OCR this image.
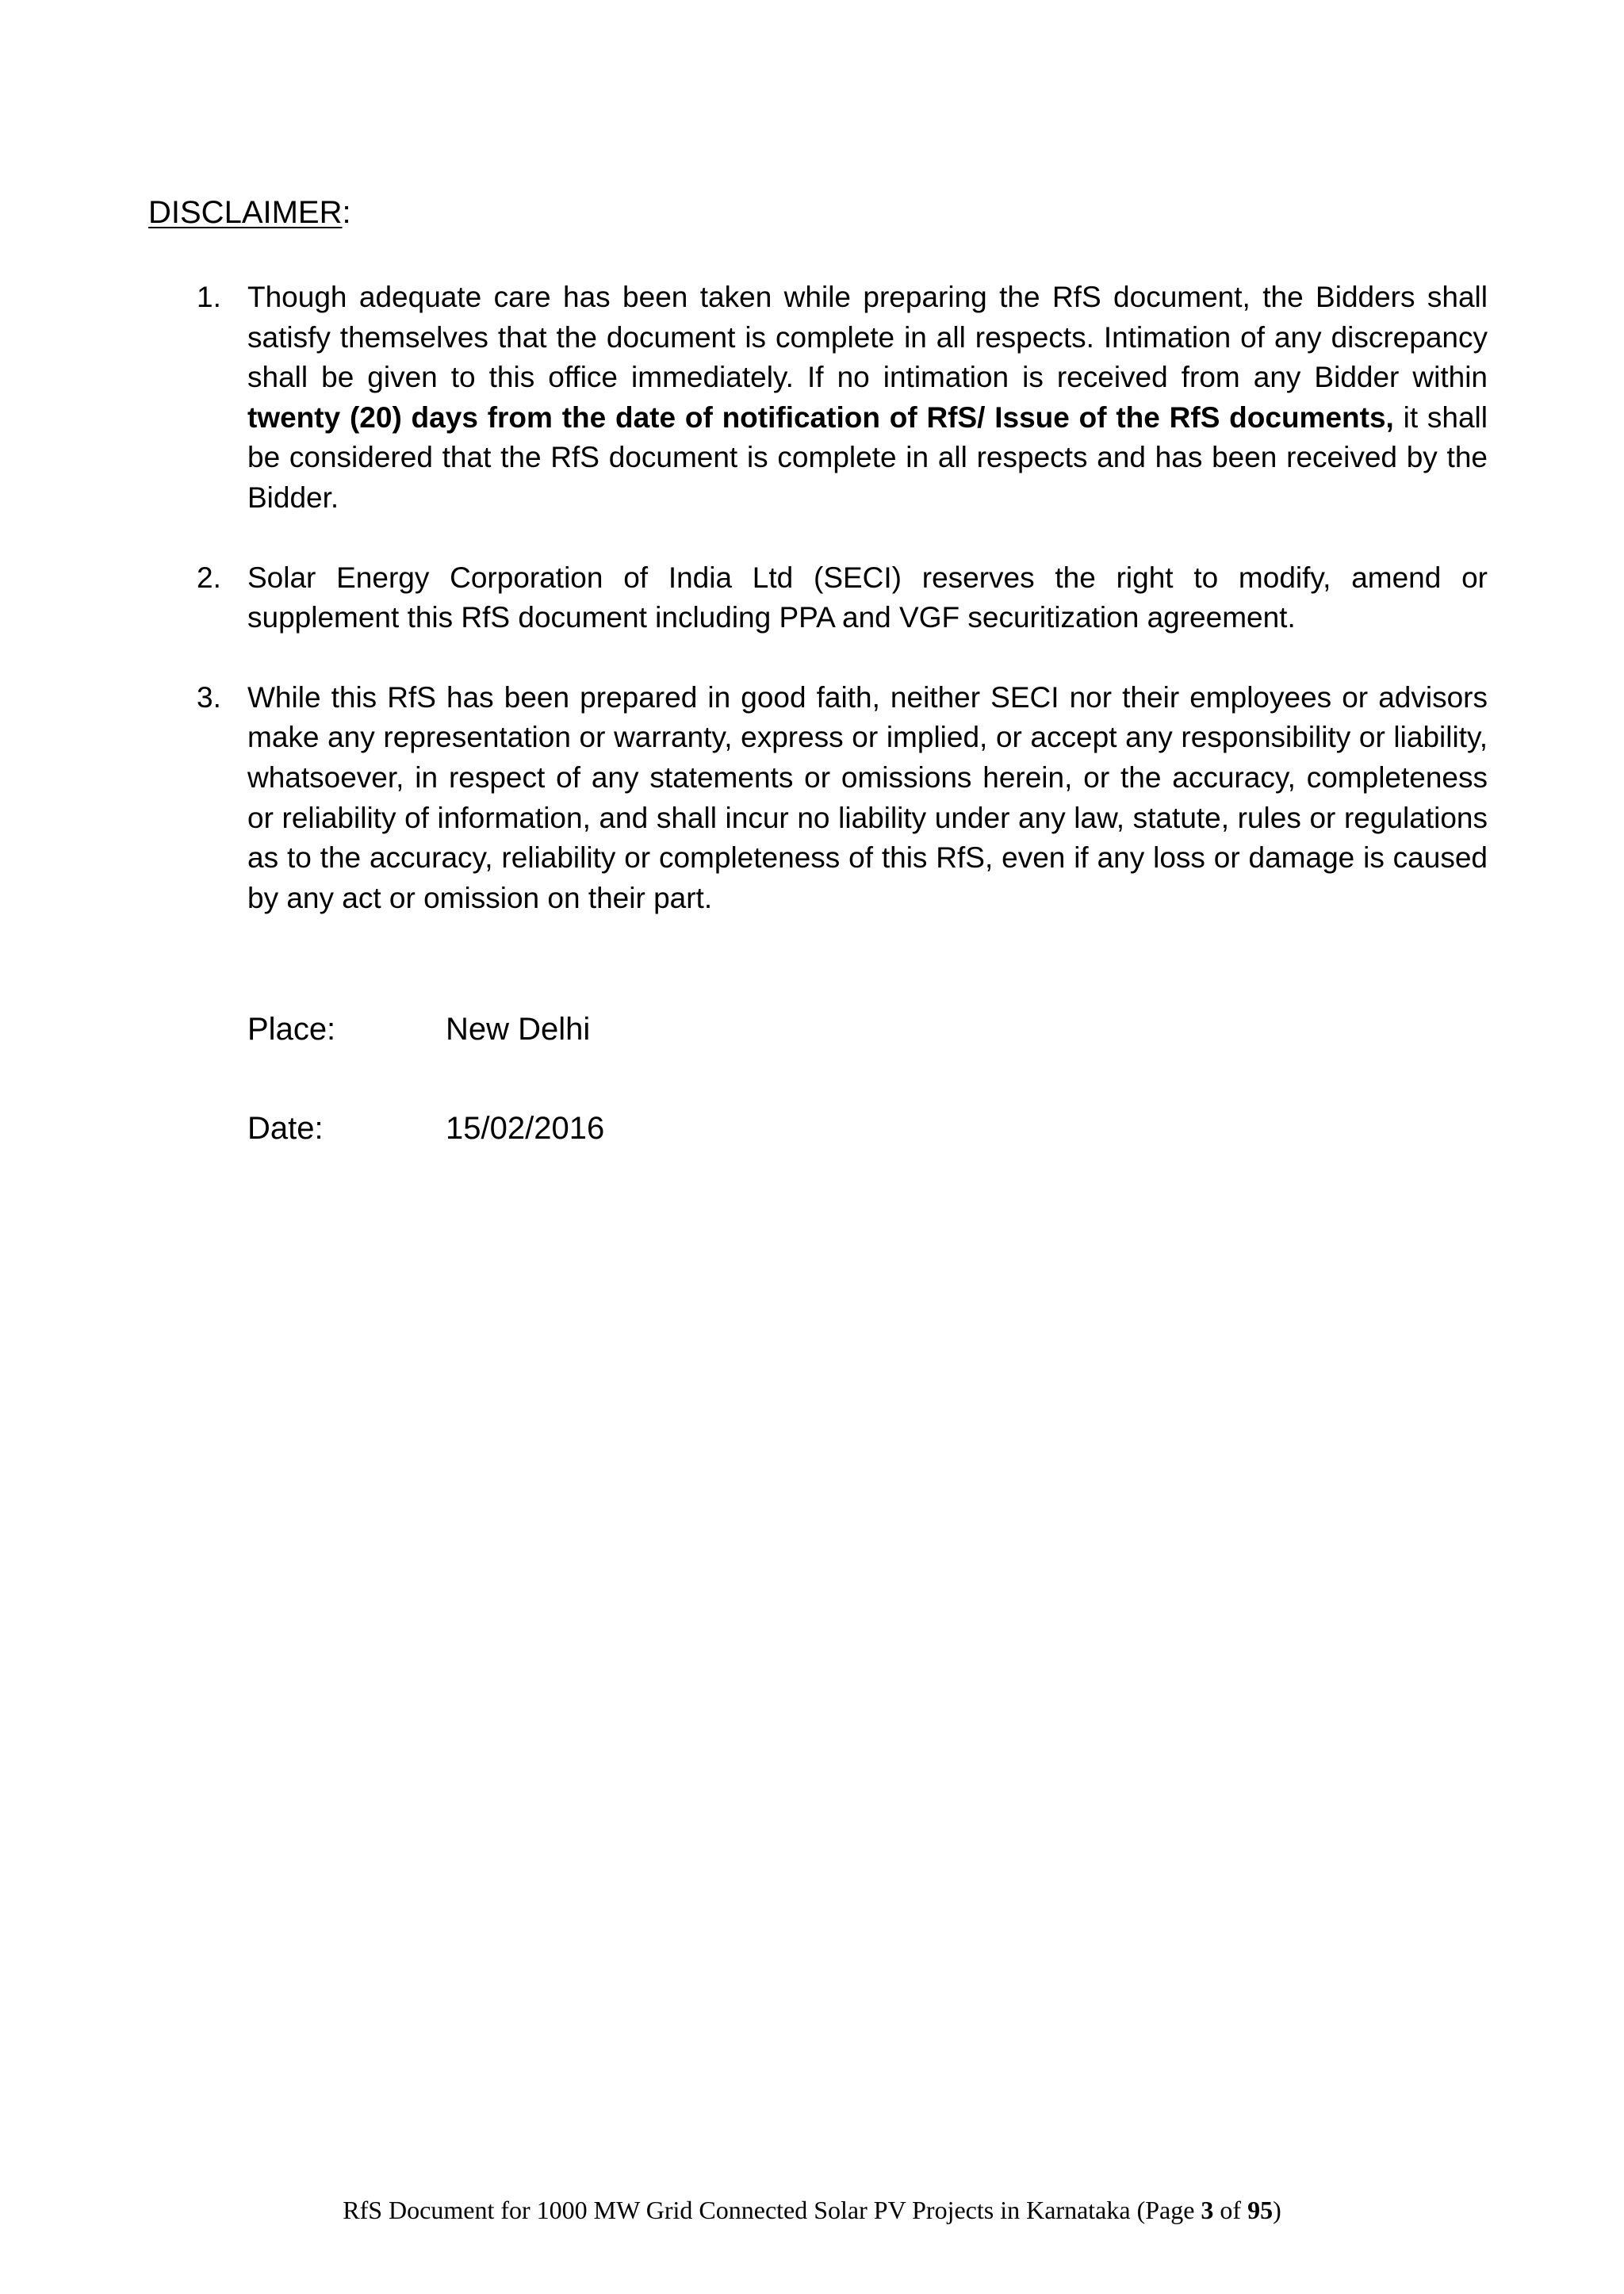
DISCLAIMER:
1. Though adequate care has been taken while preparing the RfS document, the Bidders shall satisfy themselves that the document is complete in all respects. Intimation of any discrepancy shall be given to this office immediately. If no intimation is received from any Bidder within twenty (20) days from the date of notification of RfS/ Issue of the RfS documents, it shall be considered that the RfS document is complete in all respects and has been received by the Bidder.
2. Solar Energy Corporation of India Ltd (SECI) reserves the right to modify, amend or supplement this RfS document including PPA and VGF securitization agreement.
3. While this RfS has been prepared in good faith, neither SECI nor their employees or advisors make any representation or warranty, express or implied, or accept any responsibility or liability, whatsoever, in respect of any statements or omissions herein, or the accuracy, completeness or reliability of information, and shall incur no liability under any law, statute, rules or regulations as to the accuracy, reliability or completeness of this RfS, even if any loss or damage is caused by any act or omission on their part.
Place:	New Delhi
Date:	15/02/2016
RfS Document for 1000 MW Grid Connected Solar PV Projects in Karnataka (Page 3 of 95)
